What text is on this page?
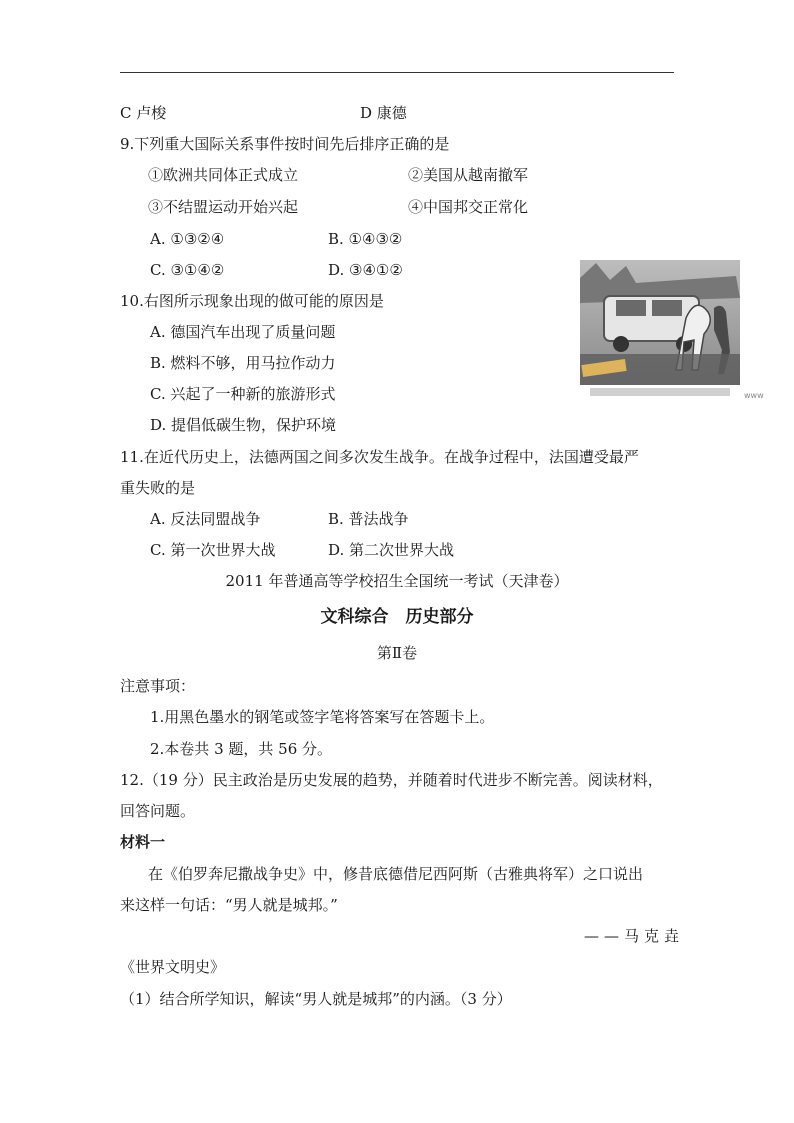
C 卢梭	D 康德
9.下列重大国际关系事件按时间先后排序正确的是
①欧洲共同体正式成立	②美国从越南撤军
③不结盟运动开始兴起	④中国邦交正常化
A. ①③②④	B. ①④③②
C. ③①④②	D. ③④①②
www
10.右图所示现象出现的做可能的原因是
A. 德国汽车出现了质量问题
B. 燃料不够，用马拉作动力
C. 兴起了一种新的旅游形式
D. 提倡低碳生物，保护环境
11.在近代历史上，法德两国之间多次发生战争。在战争过程中，法国遭受最严
重失败的是
A. 反法同盟战争	B. 普法战争
C. 第一次世界大战	D. 第二次世界大战
2011 年普通高等学校招生全国统一考试（天津卷）
文科综合　历史部分
第Ⅱ卷
注意事项：
1.用黑色墨水的钢笔或签字笔将答案写在答题卡上。
2.本卷共 3 题，共 56 分。
12.（19 分）民主政治是历史发展的趋势，并随着时代进步不断完善。阅读材料，
回答问题。
材料一
在《伯罗奔尼撒战争史》中，修昔底德借尼西阿斯（古雅典将军）之口说出
来这样一句话：“男人就是城邦。”
——马克垚
《世界文明史》
（1）结合所学知识，解读“男人就是城邦”的内涵。（3 分）
